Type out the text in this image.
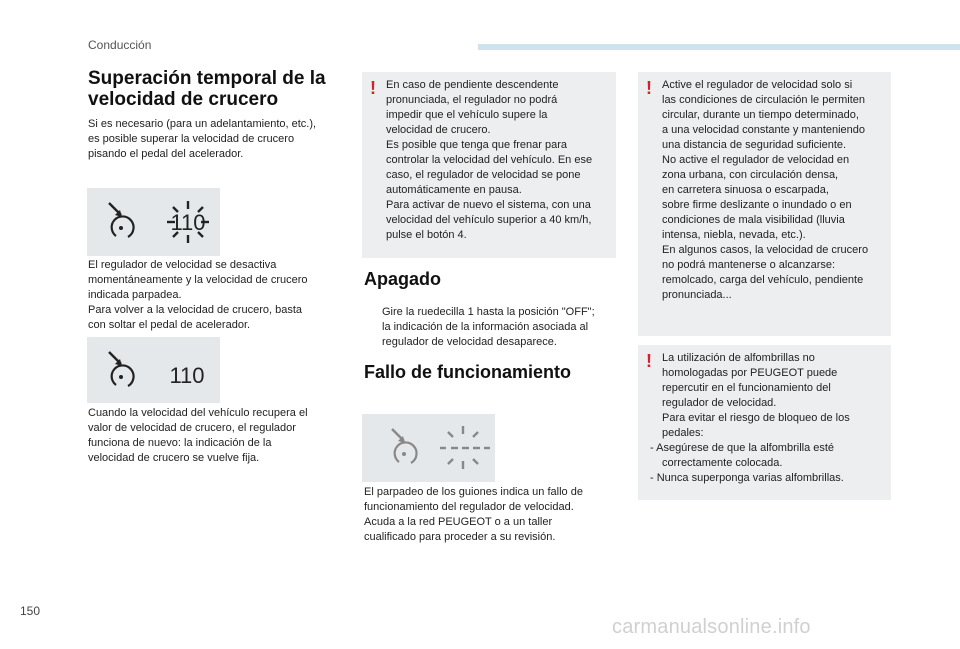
Conducción
Superación temporal de la
velocidad de crucero
Si es necesario (para un adelantamiento, etc.),
es posible superar la velocidad de crucero
pisando el pedal del acelerador.
110
El regulador de velocidad se desactiva
momentáneamente y la velocidad de crucero
indicada parpadea.
Para volver a la velocidad de crucero, basta
con soltar el pedal de acelerador.
110
Cuando la velocidad del vehículo recupera el
valor de velocidad de crucero, el regulador
funciona de nuevo: la indicación de la
velocidad de crucero se vuelve fija.
! En caso de pendiente descendente
pronunciada, el regulador no podrá
impedir que el vehículo supere la
velocidad de crucero.
Es posible que tenga que frenar para
controlar la velocidad del vehículo. En ese
caso, el regulador de velocidad se pone
automáticamente en pausa.
Para activar de nuevo el sistema, con una
velocidad del vehículo superior a 40 km/h,
pulse el botón 4.
Apagado
Gire la ruedecilla 1 hasta la posición "OFF";
la indicación de la información asociada al
regulador de velocidad desaparece.
Fallo de funcionamiento
El parpadeo de los guiones indica un fallo de
funcionamiento del regulador de velocidad.
Acuda a la red PEUGEOT o a un taller
cualificado para proceder a su revisión.
! Active el regulador de velocidad solo si
las condiciones de circulación le permiten
circular, durante un tiempo determinado,
a una velocidad constante y manteniendo
una distancia de seguridad suficiente.
No active el regulador de velocidad en
zona urbana, con circulación densa,
en carretera sinuosa o escarpada,
sobre firme deslizante o inundado o en
condiciones de mala visibilidad (lluvia
intensa, niebla, nevada, etc.).
En algunos casos, la velocidad de crucero
no podrá mantenerse o alcanzarse:
remolcado, carga del vehículo, pendiente
pronunciada...
! La utilización de alfombrillas no
homologadas por PEUGEOT puede
repercutir en el funcionamiento del
regulador de velocidad.
Para evitar el riesgo de bloqueo de los
pedales:
- Asegúrese de que la alfombrilla esté correctamente colocada.
- Nunca superponga varias alfombrillas.
150
carmanualsonline.info
